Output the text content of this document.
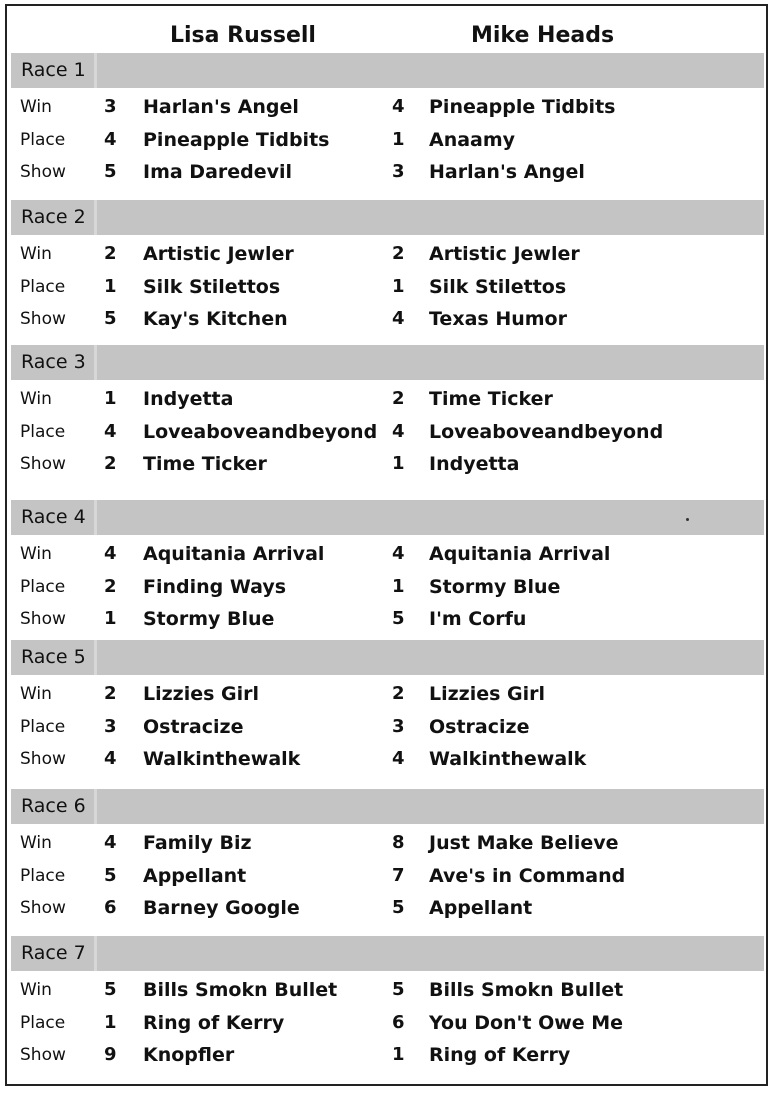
Lisa Russell	Mike Heads
Race 1
Win	3 Harlan's Angel	4 Pineapple Tidbits
Place 4 Pineapple Tidbits	1 Anaamy
Show 5 Ima Daredevil	3 Harlan's Angel
Race 2
Win	2 Artistic Jewler	2 Artistic Jewler
Place 1 Silk Stilettos	1 Silk Stilettos
Show 5 Kay's Kitchen	4 Texas Humor
Race 3
Win	1 Indyetta	2 Time Ticker
Place 4 Loveaboveandbeyond 4 Loveaboveandbeyond
Show 2 Time Ticker	1 Indyetta
Race 4
Win	4 Aquitania Arrival	4 Aquitania Arrival
Place 2 Finding Ways	1 Stormy Blue
Show 1 Stormy Blue	5 I'm Corfu
Race 5
Win	2 Lizzies Girl	2 Lizzies Girl
Place 3 Ostracize	3 Ostracize
Show 4 Walkinthewalk	4 Walkinthewalk
Race 6
Win	4 Family Biz	8 Just Make Believe
Place 5 Appellant	7 Ave's in Command
Show 6 Barney Google	5 Appellant
Race 7
Win	5 Bills Smokn Bullet	5 Bills Smokn Bullet
Place 1 Ring of Kerry	6 You Don't Owe Me
Show 9 Knopfler	1 Ring of Kerry
